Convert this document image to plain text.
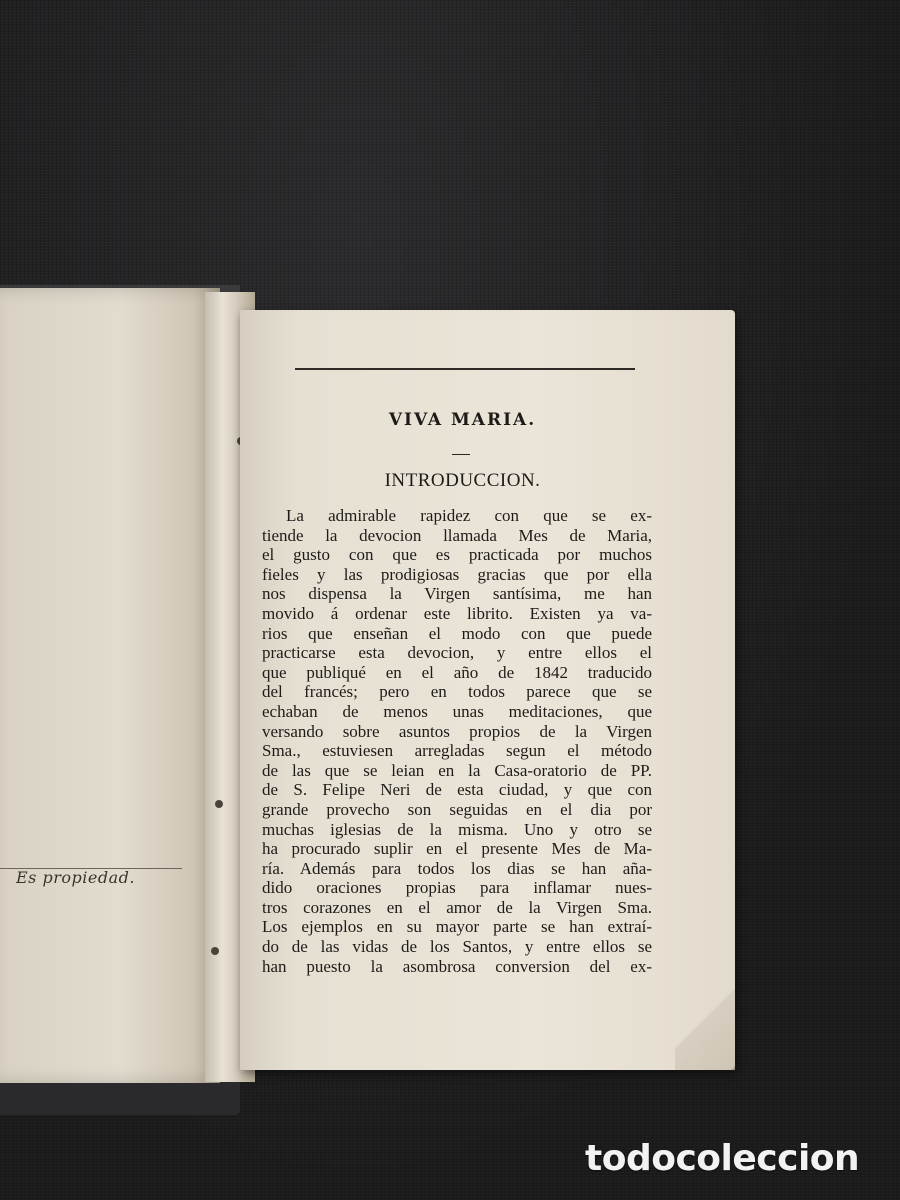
Es propiedad.
VIVA MARIA.
INTRODUCCION.
La admirable rapidez con que se ex-
tiende la devocion llamada Mes de Maria,
el gusto con que es practicada por muchos
fieles y las prodigiosas gracias que por ella
nos dispensa la Virgen santísima, me han
movido á ordenar este librito. Existen ya va-
rios que enseñan el modo con que puede
practicarse esta devocion, y entre ellos el
que publiqué en el año de 1842 traducido
del francés; pero en todos parece que se
echaban de menos unas meditaciones, que
versando sobre asuntos propios de la Virgen
Sma., estuviesen arregladas segun el método
de las que se leian en la Casa-oratorio de PP.
de S. Felipe Neri de esta ciudad, y que con
grande provecho son seguidas en el dia por
muchas iglesias de la misma. Uno y otro se
ha procurado suplir en el presente Mes de Ma-
ría. Además para todos los dias se han aña-
dido oraciones propias para inflamar nues-
tros corazones en el amor de la Virgen Sma.
Los ejemplos en su mayor parte se han extraí-
do de las vidas de los Santos, y entre ellos se
han puesto la asombrosa conversion del ex-
todocoleccion
